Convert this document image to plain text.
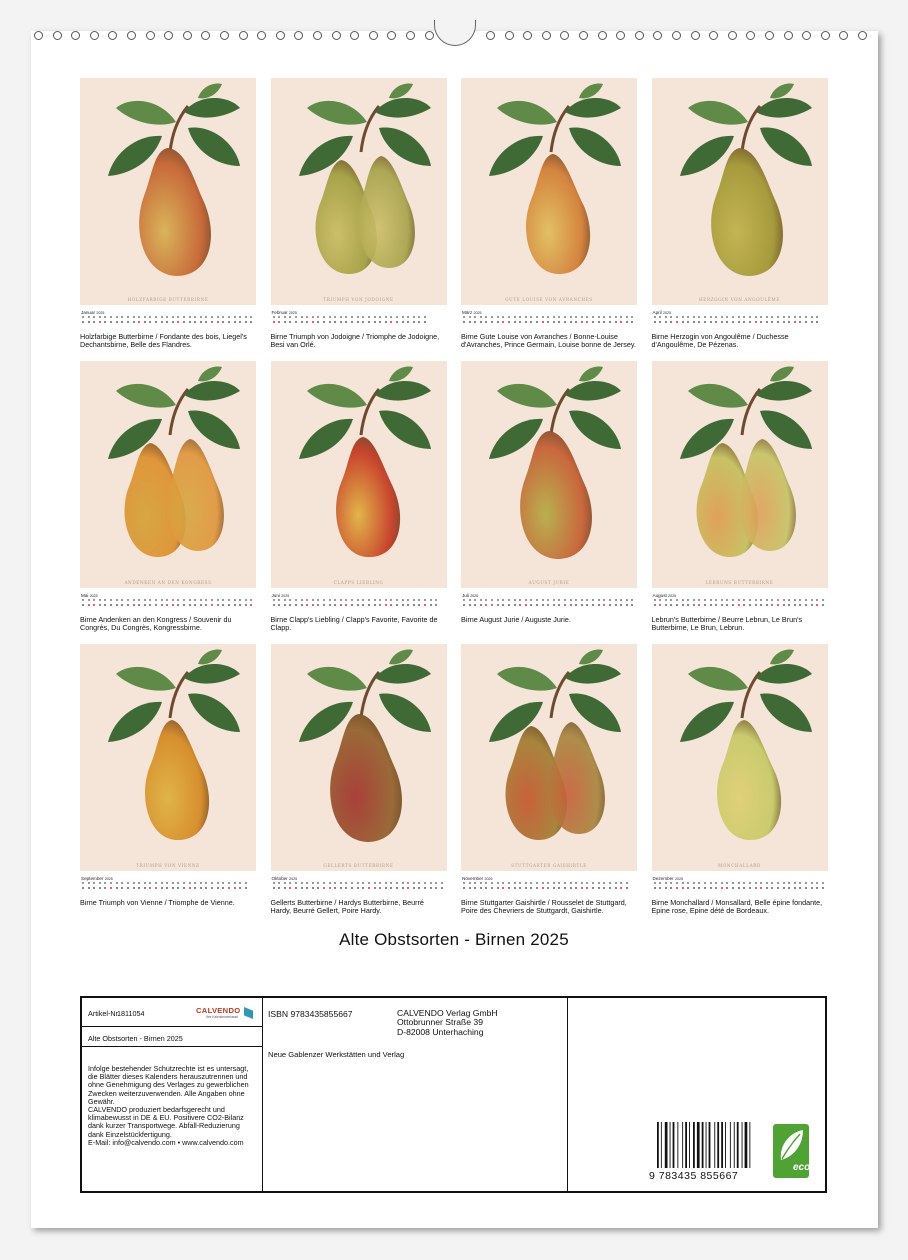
HOLZFARBIGE BUTTERBIRNE
Januar 2025
Holzfarbige Butterbirne / Fondante des bois, Liegel's Dechantsbirne, Belle des Flandres.
TRIUMPH VON JODOIGNE
Februar 2025
Birne Triumph von Jodoigne / Triomphe de Jodoigne, Besi van Orlé.
GUTE LOUISE VON AVRANCHES
März 2025
Birne Gute Louise von Avranches / Bonne-Louise d'Avranches, Prince Germain, Louise bonne de Jersey.
HERZOGIN VON ANGOULÊME
April 2025
Birne Herzogin von Angoulême / Duchesse d'Angoulême, De Pézenas.
ANDENKEN AN DEN KONGRESS
Mai 2025
Birne Andenken an den Kongress / Souvenir du Congrès, Du Congrès, Kongressbirne.
CLAPPS LIEBLING
Juni 2025
Birne Clapp's Liebling / Clapp's Favorite, Favorite de Clapp.
AUGUST JURIE
Juli 2025
Birne August Jurie / Auguste Jurie.
LEBRUNS BUTTERBIRNE
August 2025
Lebrun's Butterbirne / Beurre Lebrun, Le Brun's Butterbirne, Le Brun, Lebrun.
TRIUMPH VON VIENNE
September 2025
Birne Triumph von Vienne / Triomphe de Vienne.
GELLERTS BUTTERBIRNE
Oktober 2025
Gellerts Butterbirne / Hardys Butterbirne, Beurré Hardy, Beurré Gellert, Poire Hardy.
STUTTGARTER GAISHIRTLE
November 2025
Birne Stuttgarter Gaishirtle / Rousselet de Stuttgard, Poire des Chevriers de Stuttgardt, Gaishirtle.
MONCHALLARD
Dezember 2025
Birne Monchallard / Monsallard, Belle épine fondante, Epine rose, Epine dété de Bordeaux.
Alte Obstsorten - Birnen 2025
Artikel-Nr.
1811054	CALVENDO
Ihre Kalenderwerkstatt
Alte Obstsorten - Birnen 2025
Infolge bestehender Schutzrechte ist es untersagt, die Blätter dieses Kalenders herauszutrennen und ohne Genehmigung des Verlages zu gewerblichen Zwecken weiterzuverwenden. Alle Angaben ohne Gewähr.
CALVENDO produziert bedarfsgerecht und klimabewusst in DE & EU. Positivere CO2-Bilanz dank kurzer Transportwege. Abfall-Reduzierung dank Einzelstückfertigung.
E-Mail: info@calvendo.com • www.calvendo.com
ISBN 9783435855667	CALVENDO Verlag GmbH
Ottobrunner Straße 39
D-82008 Unterhaching
Neue Gablenzer Werkstätten und Verlag
9 783435 855667
eco
